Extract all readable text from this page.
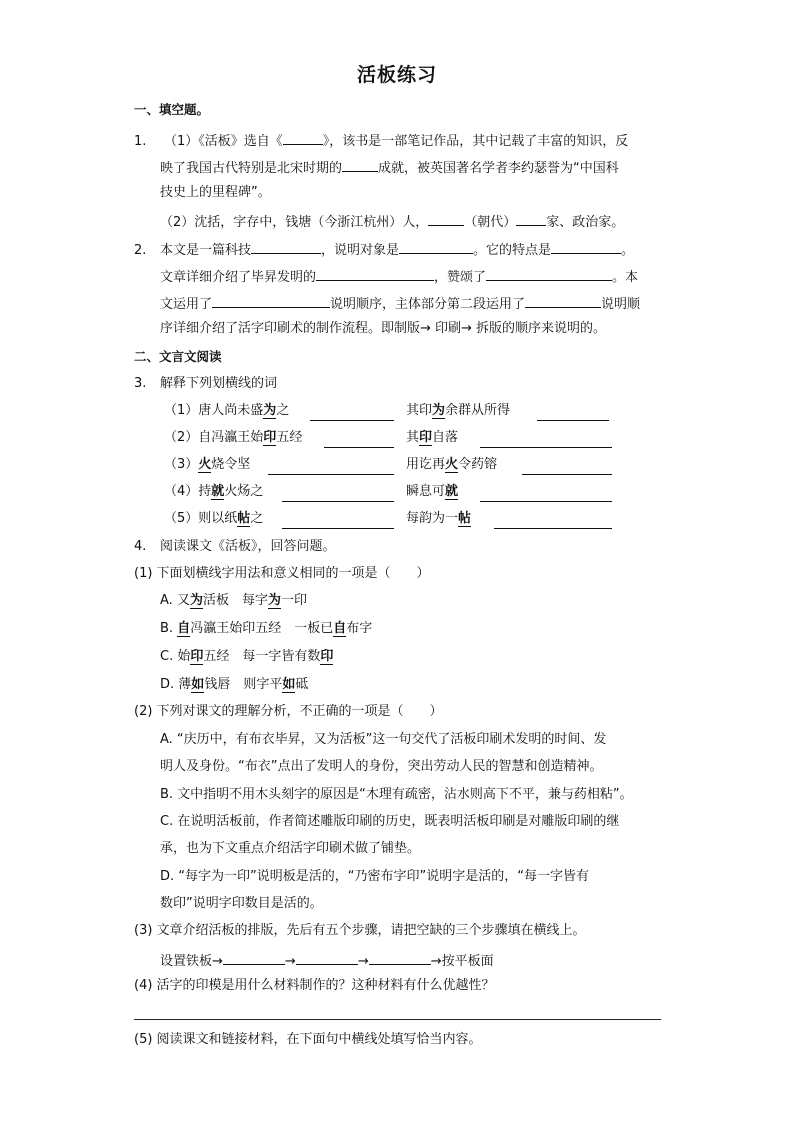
活板练习
一、填空题。
1. （1）《活板》选自《	》，该书是一部笔记作品，其中记载了丰富的知识，反
映了我国古代特别是北宋时期的	成就，被英国著名学者李约瑟誉为“中国科
技史上的里程碑”。
（2）沈括，字存中，钱塘（今浙江杭州）人，	（朝代） 家、政治家。
2. 本文是一篇科技	，说明对象是	。它的特点是	。
文章详细介绍了毕昇发明的	，赞颂了	。本
文运用了	说明顺序，主体部分第二段运用了	说明顺
序详细介绍了活字印刷术的制作流程。即制版→ 印刷→ 拆版的顺序来说明的。
二、文言文阅读
3. 解释下列划横线的词
（1）唐人尚未盛为之	其印为余群从所得
（2）自冯瀛王始印五经	其印自落
（3）火烧令坚	用讫再火令药镕
（4）持就火炀之	瞬息可就
（5）则以纸帖之	每韵为一帖
4. 阅读课文《活板》，回答问题。
(1) 下面划横线字用法和意义相同的一项是（　　）
A. 又为活板　每字为一印
B. 自冯瀛王始印五经　一板已自布字
C. 始印五经　每一字皆有数印
D. 薄如钱唇　则字平如砥
(2) 下列对课文的理解分析，不正确的一项是（　　）
A. “庆历中，有布衣毕昇，又为活板”这一句交代了活板印刷术发明的时间、发
明人及身份。“布衣”点出了发明人的身份，突出劳动人民的智慧和创造精神。
B. 文中指明不用木头刻字的原因是“木理有疏密，沾水则高下不平，兼与药相粘”。
C. 在说明活板前，作者简述雕版印刷的历史，既表明活板印刷是对雕版印刷的继
承，也为下文重点介绍活字印刷术做了铺垫。
D. “每字为一印”说明板是活的，“乃密布字印”说明字是活的，“每一字皆有
数印”说明字印数目是活的。
(3) 文章介绍活板的排版，先后有五个步骤，请把空缺的三个步骤填在横线上。
设置铁板→	→	→	→按平板面
(4) 活字的印模是用什么材料制作的？这种材料有什么优越性？
(5) 阅读课文和链接材料，在下面句中横线处填写恰当内容。
